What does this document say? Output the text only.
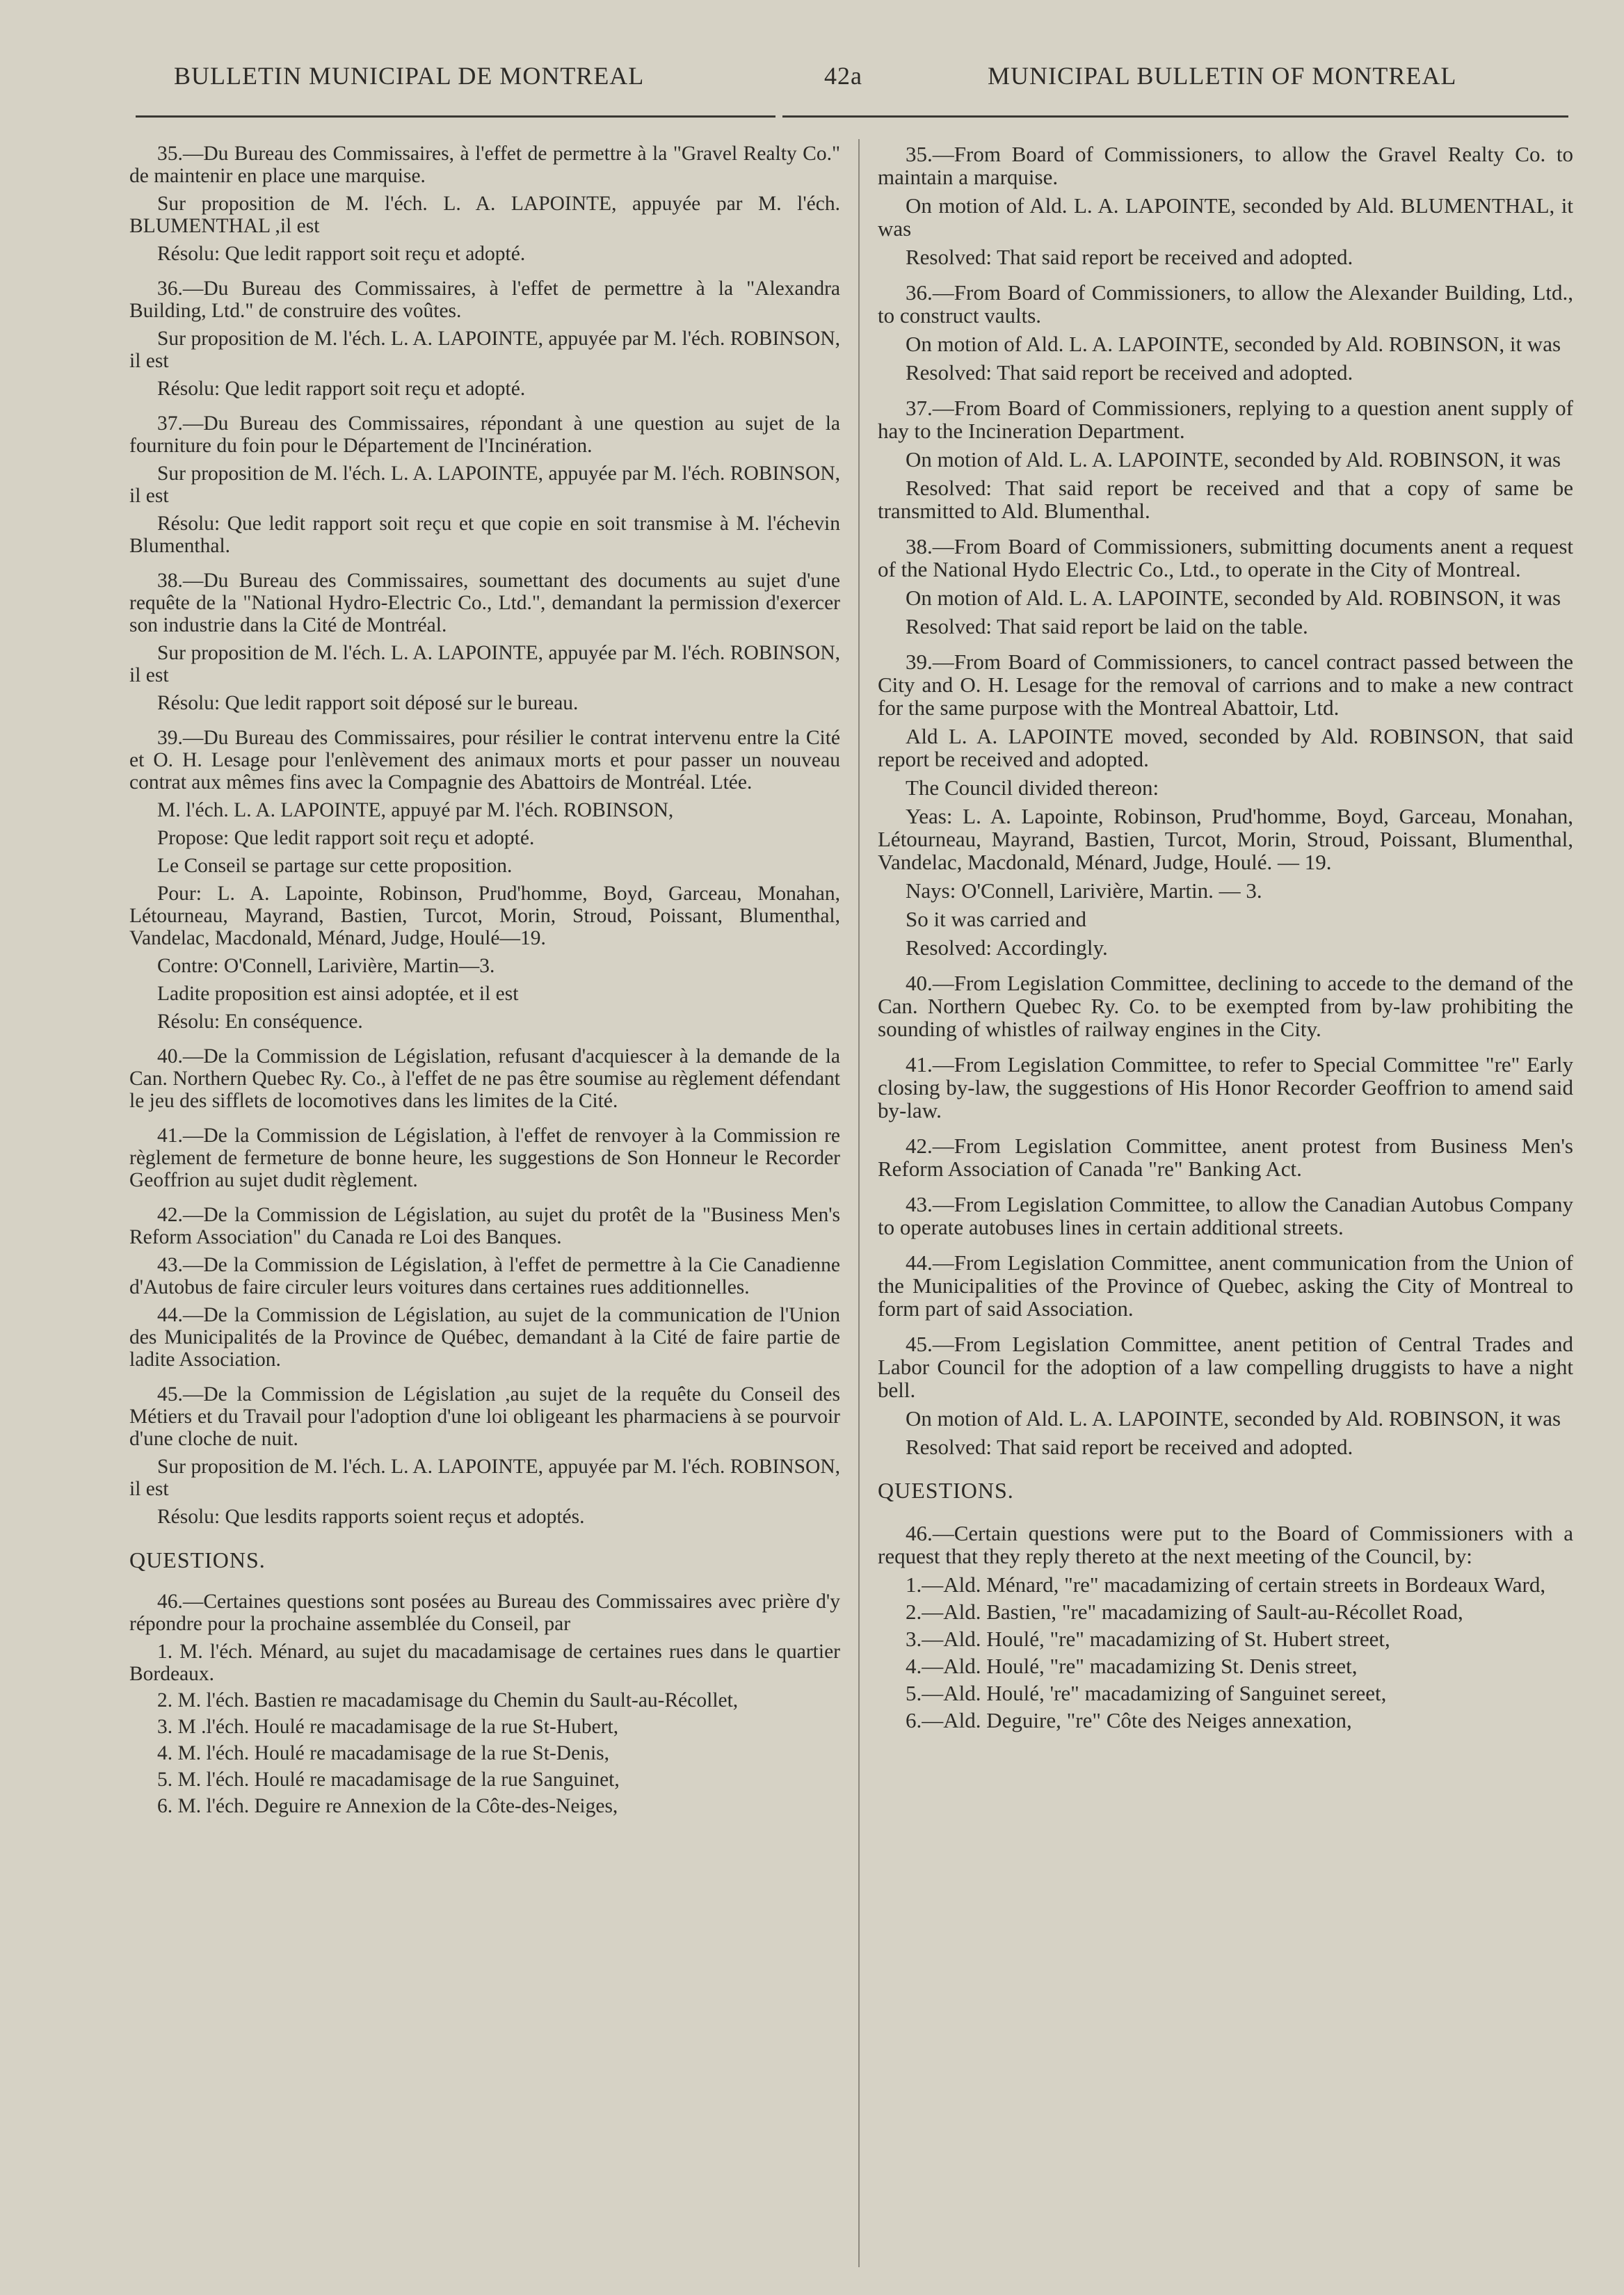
BULLETIN MUNICIPAL DE MONTREAL	42a	MUNICIPAL BULLETIN OF MONTREAL

35.—Du Bureau des Commissaires, à l'effet de permettre à la "Gravel Realty Co." de maintenir en place une marquise.

Sur proposition de M. l'éch. L. A. LAPOINTE, appuyée par M. l'éch. BLUMENTHAL ,il est

Résolu: Que ledit rapport soit reçu et adopté.

36.—Du Bureau des Commissaires, à l'effet de permettre à la "Alexandra Building, Ltd." de construire des voûtes.

Sur proposition de M. l'éch. L. A. LAPOINTE, appuyée par M. l'éch. ROBINSON, il est

Résolu: Que ledit rapport soit reçu et adopté.

37.—Du Bureau des Commissaires, répondant à une question au sujet de la fourniture du foin pour le Département de l'Incinération.

Sur proposition de M. l'éch. L. A. LAPOINTE, appuyée par M. l'éch. ROBINSON, il est

Résolu: Que ledit rapport soit reçu et que copie en soit transmise à M. l'échevin Blumenthal.

38.—Du Bureau des Commissaires, soumettant des documents au sujet d'une requête de la "National Hydro-Electric Co., Ltd.", demandant la permission d'exercer son industrie dans la Cité de Montréal.

Sur proposition de M. l'éch. L. A. LAPOINTE, appuyée par M. l'éch. ROBINSON, il est

Résolu: Que ledit rapport soit déposé sur le bureau.

39.—Du Bureau des Commissaires, pour résilier le contrat intervenu entre la Cité et O. H. Lesage pour l'enlèvement des animaux morts et pour passer un nouveau contrat aux mêmes fins avec la Compagnie des Abattoirs de Montréal. Ltée.

M. l'éch. L. A. LAPOINTE, appuyé par M. l'éch. ROBINSON,

Propose: Que ledit rapport soit reçu et adopté.

Le Conseil se partage sur cette proposition.

Pour: L. A. Lapointe, Robinson, Prud'homme, Boyd, Garceau, Monahan, Létourneau, Mayrand, Bastien, Turcot, Morin, Stroud, Poissant, Blumenthal, Vandelac, Macdonald, Ménard, Judge, Houlé—19.

Contre: O'Connell, Larivière, Martin—3.

Ladite proposition est ainsi adoptée, et il est

Résolu: En conséquence.

40.—De la Commission de Législation, refusant d'acquiescer à la demande de la Can. Northern Quebec Ry. Co., à l'effet de ne pas être soumise au règlement défendant le jeu des sifflets de locomotives dans les limites de la Cité.

41.—De la Commission de Législation, à l'effet de renvoyer à la Commission re règlement de fermeture de bonne heure, les suggestions de Son Honneur le Recorder Geoffrion au sujet dudit règlement.

42.—De la Commission de Législation, au sujet du protêt de la "Business Men's Reform Association" du Canada re Loi des Banques.

43.—De la Commission de Législation, à l'effet de permettre à la Cie Canadienne d'Autobus de faire circuler leurs voitures dans certaines rues additionnelles.

44.—De la Commission de Législation, au sujet de la communication de l'Union des Municipalités de la Province de Québec, demandant à la Cité de faire partie de ladite Association.

45.—De la Commission de Législation ,au sujet de la requête du Conseil des Métiers et du Travail pour l'adoption d'une loi obligeant les pharmaciens à se pourvoir d'une cloche de nuit.

Sur proposition de M. l'éch. L. A. LAPOINTE, appuyée par M. l'éch. ROBINSON, il est

Résolu: Que lesdits rapports soient reçus et adoptés.

QUESTIONS.

46.—Certaines questions sont posées au Bureau des Commissaires avec prière d'y répondre pour la prochaine assemblée du Conseil, par

1. M. l'éch. Ménard, au sujet du macadamisage de certaines rues dans le quartier Bordeaux.

2. M. l'éch. Bastien re macadamisage du Chemin du Sault-au-Récollet,

3. M .l'éch. Houlé re macadamisage de la rue St-Hubert,

4. M. l'éch. Houlé re macadamisage de la rue St-Denis,

5. M. l'éch. Houlé re macadamisage de la rue Sanguinet,

6. M. l'éch. Deguire re Annexion de la Côte-des-Neiges,

35.—From Board of Commissioners, to allow the Gravel Realty Co. to maintain a marquise.

On motion of Ald. L. A. LAPOINTE, seconded by Ald. BLUMENTHAL, it was

Resolved: That said report be received and adopted.

36.—From Board of Commissioners, to allow the Alexander Building, Ltd., to construct vaults.

On motion of Ald. L. A. LAPOINTE, seconded by Ald. ROBINSON, it was

Resolved: That said report be received and adopted.

37.—From Board of Commissioners, replying to a question anent supply of hay to the Incineration Department.

On motion of Ald. L. A. LAPOINTE, seconded by Ald. ROBINSON, it was

Resolved: That said report be received and that a copy of same be transmitted to Ald. Blumenthal.

38.—From Board of Commissioners, submitting documents anent a request of the National Hydo Electric Co., Ltd., to operate in the City of Montreal.

On motion of Ald. L. A. LAPOINTE, seconded by Ald. ROBINSON, it was

Resolved: That said report be laid on the table.

39.—From Board of Commissioners, to cancel contract passed between the City and O. H. Lesage for the removal of carrions and to make a new contract for the same purpose with the Montreal Abattoir, Ltd.

Ald L. A. LAPOINTE moved, seconded by Ald. ROBINSON, that said report be received and adopted.

The Council divided thereon:

Yeas: L. A. Lapointe, Robinson, Prud'homme, Boyd, Garceau, Monahan, Létourneau, Mayrand, Bastien, Turcot, Morin, Stroud, Poissant, Blumenthal, Vandelac, Macdonald, Ménard, Judge, Houlé. — 19.

Nays: O'Connell, Larivière, Martin. — 3.

So it was carried and

Resolved: Accordingly.

40.—From Legislation Committee, declining to accede to the demand of the Can. Northern Quebec Ry. Co. to be exempted from by-law prohibiting the sounding of whistles of railway engines in the City.

41.—From Legislation Committee, to refer to Special Committee "re" Early closing by-law, the suggestions of His Honor Recorder Geoffrion to amend said by-law.

42.—From Legislation Committee, anent protest from Business Men's Reform Association of Canada "re" Banking Act.

43.—From Legislation Committee, to allow the Canadian Autobus Company to operate autobuses lines in certain additional streets.

44.—From Legislation Committee, anent communication from the Union of the Municipalities of the Province of Quebec, asking the City of Montreal to form part of said Association.

45.—From Legislation Committee, anent petition of Central Trades and Labor Council for the adoption of a law compelling druggists to have a night bell.

On motion of Ald. L. A. LAPOINTE, seconded by Ald. ROBINSON, it was

Resolved: That said report be received and adopted.

QUESTIONS.

46.—Certain questions were put to the Board of Commissioners with a request that they reply thereto at the next meeting of the Council, by:

1.—Ald. Ménard, "re" macadamizing of certain streets in Bordeaux Ward,

2.—Ald. Bastien, "re" macadamizing of Sault-au-Récollet Road,

3.—Ald. Houlé, "re" macadamizing of St. Hubert street,

4.—Ald. Houlé, "re" macadamizing St. Denis street,

5.—Ald. Houlé, 're" macadamizing of Sanguinet sereet,

6.—Ald. Deguire, "re" Côte des Neiges annexation,
